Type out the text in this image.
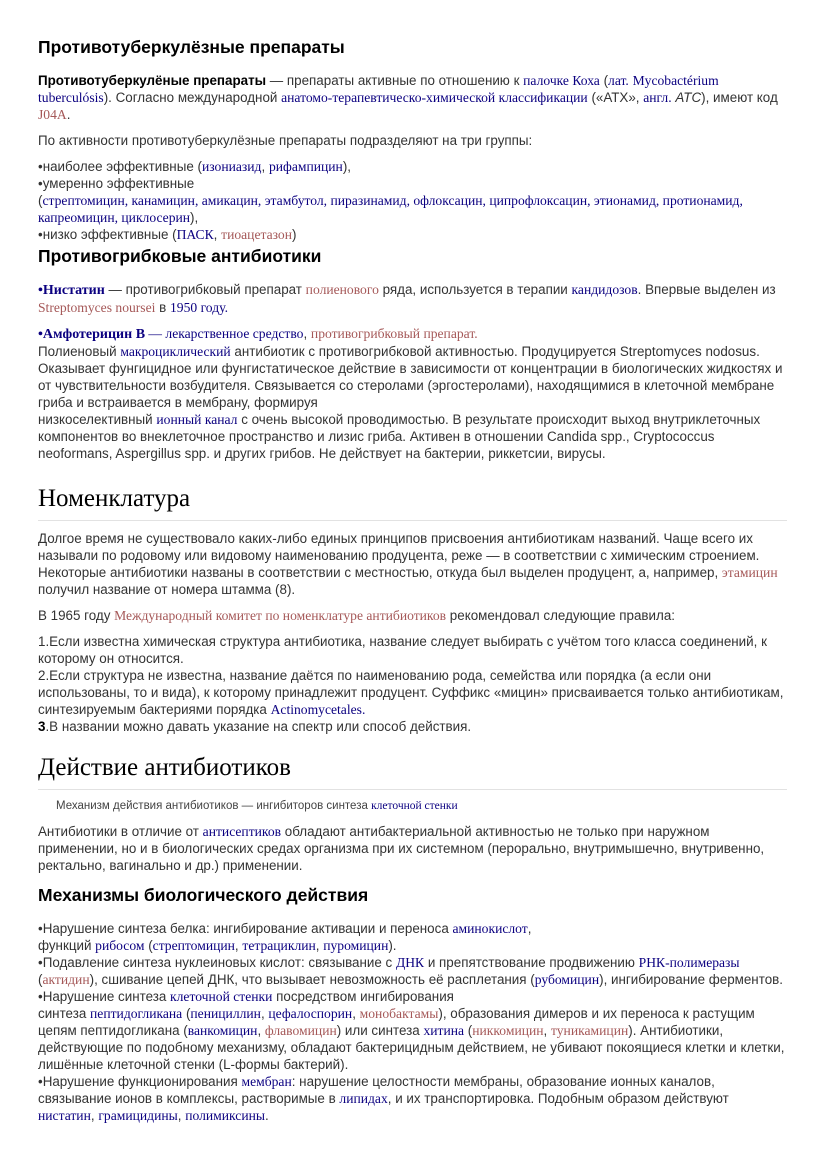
Противотуберкулёзные препараты

Противотуберкулёные препараты — препараты активные по отношению к палочке Коха (лат. Mycobactérium tuberculósis). Согласно международной анатомо-терапевтическо-химической классификации («АТХ», англ. ATC), имеют код J04A.

По активности противотуберкулёзные препараты подразделяют на три группы:

•наиболее эффективные (изониазид, рифампицин),
•умеренно эффективные
(стрептомицин, канамицин, амикацин, этамбутол, пиразинамид, офлоксацин, ципрофлоксацин, этионамид, протионамид, капреомицин, циклосерин),
•низко эффективные (ПАСК, тиоацетазон)

Противогрибковые антибиотики

•Нистатин — противогрибковый препарат полиенового ряда, используется в терапии кандидозов. Впервые выделен из Streptomyces noursei в 1950 году.

•Амфотерицин B — лекарственное средство, противогрибковый препарат.
Полиеновый макроциклический антибиотик с противогрибковой активностью. Продуцируется Streptomyces nodosus. Оказывает фунгицидное или фунгистатическое действие в зависимости от концентрации в биологических жидкостях и от чувствительности возбудителя. Связывается со стеролами (эргостеролами), находящимися в клеточной мембране гриба и встраивается в мембрану, формируя
низкоселективный ионный канал с очень высокой проводимостью. В результате происходит выход внутриклеточных компонентов во внеклеточное пространство и лизис гриба. Активен в отношении Candida spp., Cryptococcus neoformans, Aspergillus spp. и других грибов. Не действует на бактерии, риккетсии, вирусы.

Номенклатура

Долгое время не существовало каких-либо единых принципов присвоения антибиотикам названий. Чаще всего их называли по родовому или видовому наименованию продуцента, реже — в соответствии с химическим строением. Некоторые антибиотики названы в соответствии с местностью, откуда был выделен продуцент, а, например, этамицин получил название от номера штамма (8).

В 1965 году Международный комитет по номенклатуре антибиотиков рекомендовал следующие правила:

1.Если известна химическая структура антибиотика, название следует выбирать с учётом того класса соединений, к которому он относится.
2.Если структура не известна, название даётся по наименованию рода, семейства или порядка (а если они использованы, то и вида), к которому принадлежит продуцент. Суффикс «мицин» присваивается только антибиотикам, синтезируемым бактериями порядка Actinomycetales.
3.В названии можно давать указание на спектр или способ действия.

Действие антибиотиков

Механизм действия антибиотиков — ингибиторов синтеза клеточной стенки

Антибиотики в отличие от антисептиков обладают антибактериальной активностью не только при наружном применении, но и в биологических средах организма при их системном (перорально, внутримышечно, внутривенно, ректально, вагинально и др.) применении.

Механизмы биологического действия

•Нарушение синтеза белка: ингибирование активации и переноса аминокислот,
функций рибосом (стрептомицин, тетрациклин, пуромицин).
•Подавление синтеза нуклеиновых кислот: связывание с ДНК и препятствование продвижению РНК-полимеразы (актидин), сшивание цепей ДНК, что вызывает невозможность её расплетания (рубомицин), ингибирование ферментов.
•Нарушение синтеза клеточной стенки посредством ингибирования
синтеза пептидогликана (пенициллин, цефалоспорин, монобактамы), образования димеров и их переноса к растущим цепям пептидогликана (ванкомицин, флавомицин) или синтеза хитина (никкомицин, туникамицин). Антибиотики, действующие по подобному механизму, обладают бактерицидным действием, не убивают покоящиеся клетки и клетки, лишённые клеточной стенки (L-формы бактерий).
•Нарушение функционирования мембран: нарушение целостности мембраны, образование ионных каналов, связывание ионов в комплексы, растворимые в липидах, и их транспортировка. Подобным образом действуют нистатин, грамицидины, полимиксины.
